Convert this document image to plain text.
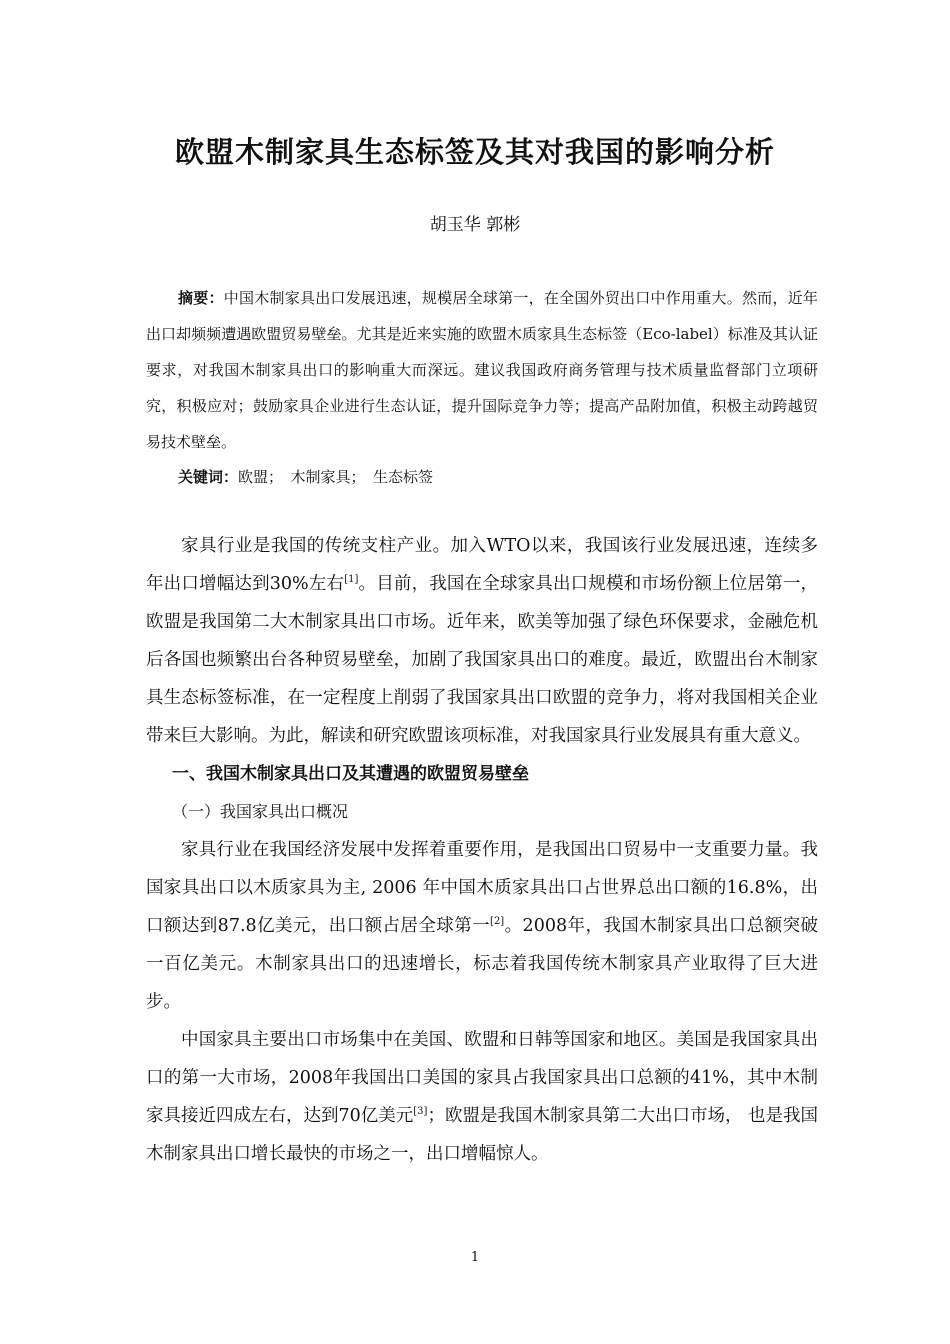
欧盟木制家具生态标签及其对我国的影响分析
胡玉华 郭彬
摘要：中国木制家具出口发展迅速，规模居全球第一，在全国外贸出口中作用重大。然而，近年出口却频频遭遇欧盟贸易壁垒。尤其是近来实施的欧盟木质家具生态标签（Eco-label）标准及其认证要求，对我国木制家具出口的影响重大而深远。建议我国政府商务管理与技术质量监督部门立项研究，积极应对；鼓励家具企业进行生态认证，提升国际竞争力等；提高产品附加值，积极主动跨越贸易技术壁垒。
关键词：欧盟；　木制家具；　生态标签

家具行业是我国的传统支柱产业。加入WTO以来，我国该行业发展迅速，连续多年出口增幅达到30%左右[1]。目前，我国在全球家具出口规模和市场份额上位居第一，欧盟是我国第二大木制家具出口市场。近年来，欧美等加强了绿色环保要求，金融危机后各国也频繁出台各种贸易壁垒，加剧了我国家具出口的难度。最近，欧盟出台木制家具生态标签标准，在一定程度上削弱了我国家具出口欧盟的竞争力，将对我国相关企业带来巨大影响。为此，解读和研究欧盟该项标准，对我国家具行业发展具有重大意义。

一、我国木制家具出口及其遭遇的欧盟贸易壁垒

（一）我国家具出口概况

家具行业在我国经济发展中发挥着重要作用，是我国出口贸易中一支重要力量。我国家具出口以木质家具为主, 2006 年中国木质家具出口占世界总出口额的16.8%，出口额达到87.8亿美元，出口额占居全球第一[2]。2008年，我国木制家具出口总额突破一百亿美元。木制家具出口的迅速增长，标志着我国传统木制家具产业取得了巨大进步。

中国家具主要出口市场集中在美国、欧盟和日韩等国家和地区。美国是我国家具出口的第一大市场，2008年我国出口美国的家具占我国家具出口总额的41%，其中木制家具接近四成左右，达到70亿美元[3]；欧盟是我国木制家具第二大出口市场， 也是我国木制家具出口增长最快的市场之一，出口增幅惊人。

1
